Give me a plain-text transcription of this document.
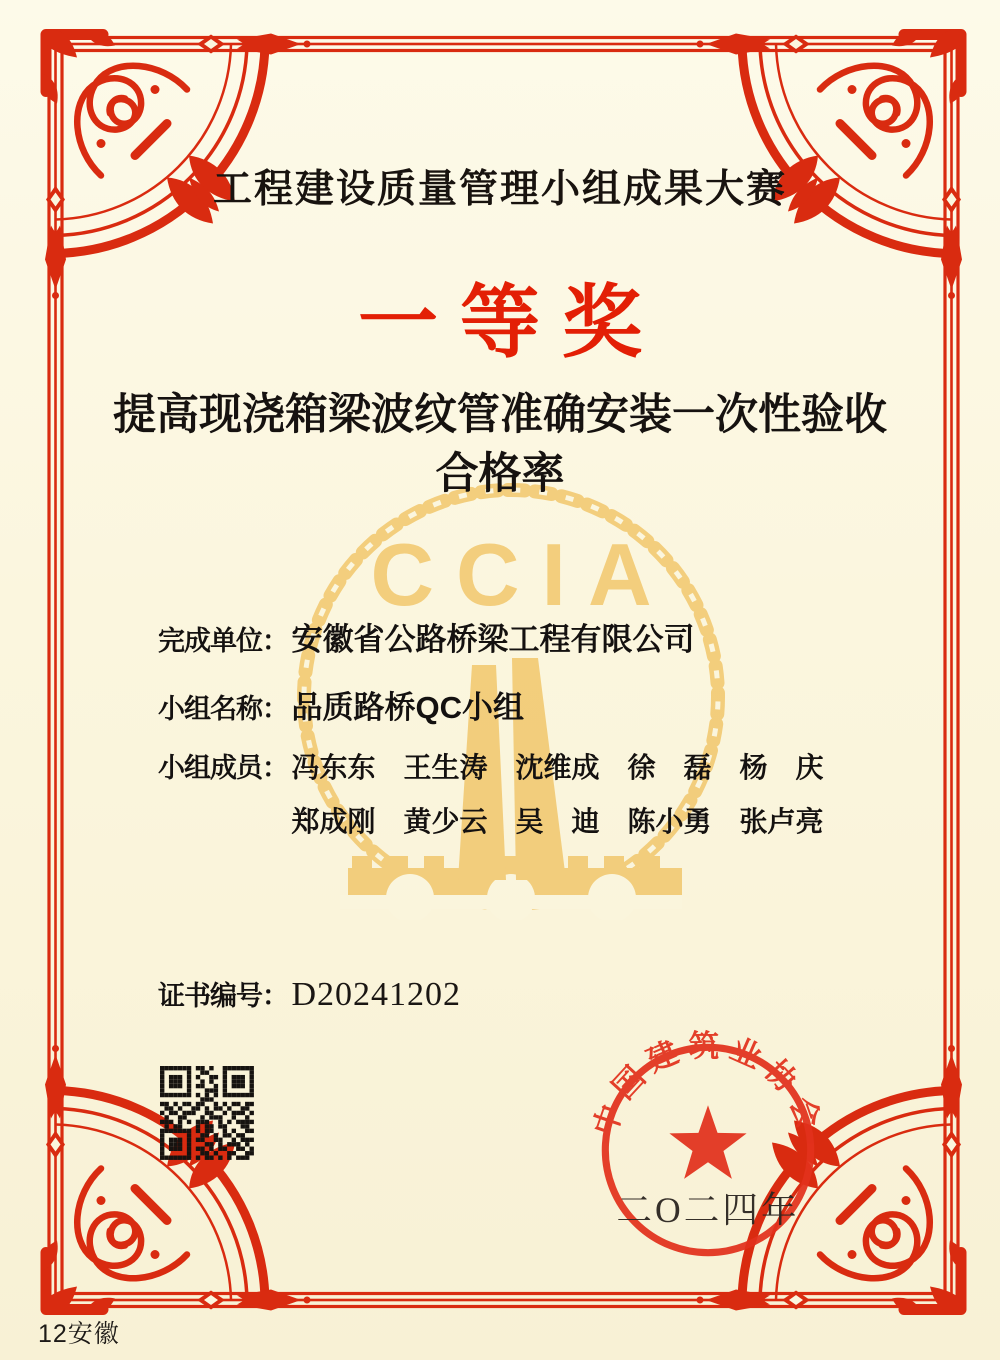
CCIA
工程建设质量管理小组成果大赛
一等奖
提高现浇箱梁波纹管准确安装一次性验收
合格率
完成单位： 安徽省公路桥梁工程有限公司
小组名称： 品质路桥QC小组
小组成员： 冯东东　王生涛　沈维成　徐　磊　杨　庆
郑成刚　黄少云　吴　迪　陈小勇　张卢亮
证书编号： D20241202
中国建筑业协会
二O二四年
12安徽
